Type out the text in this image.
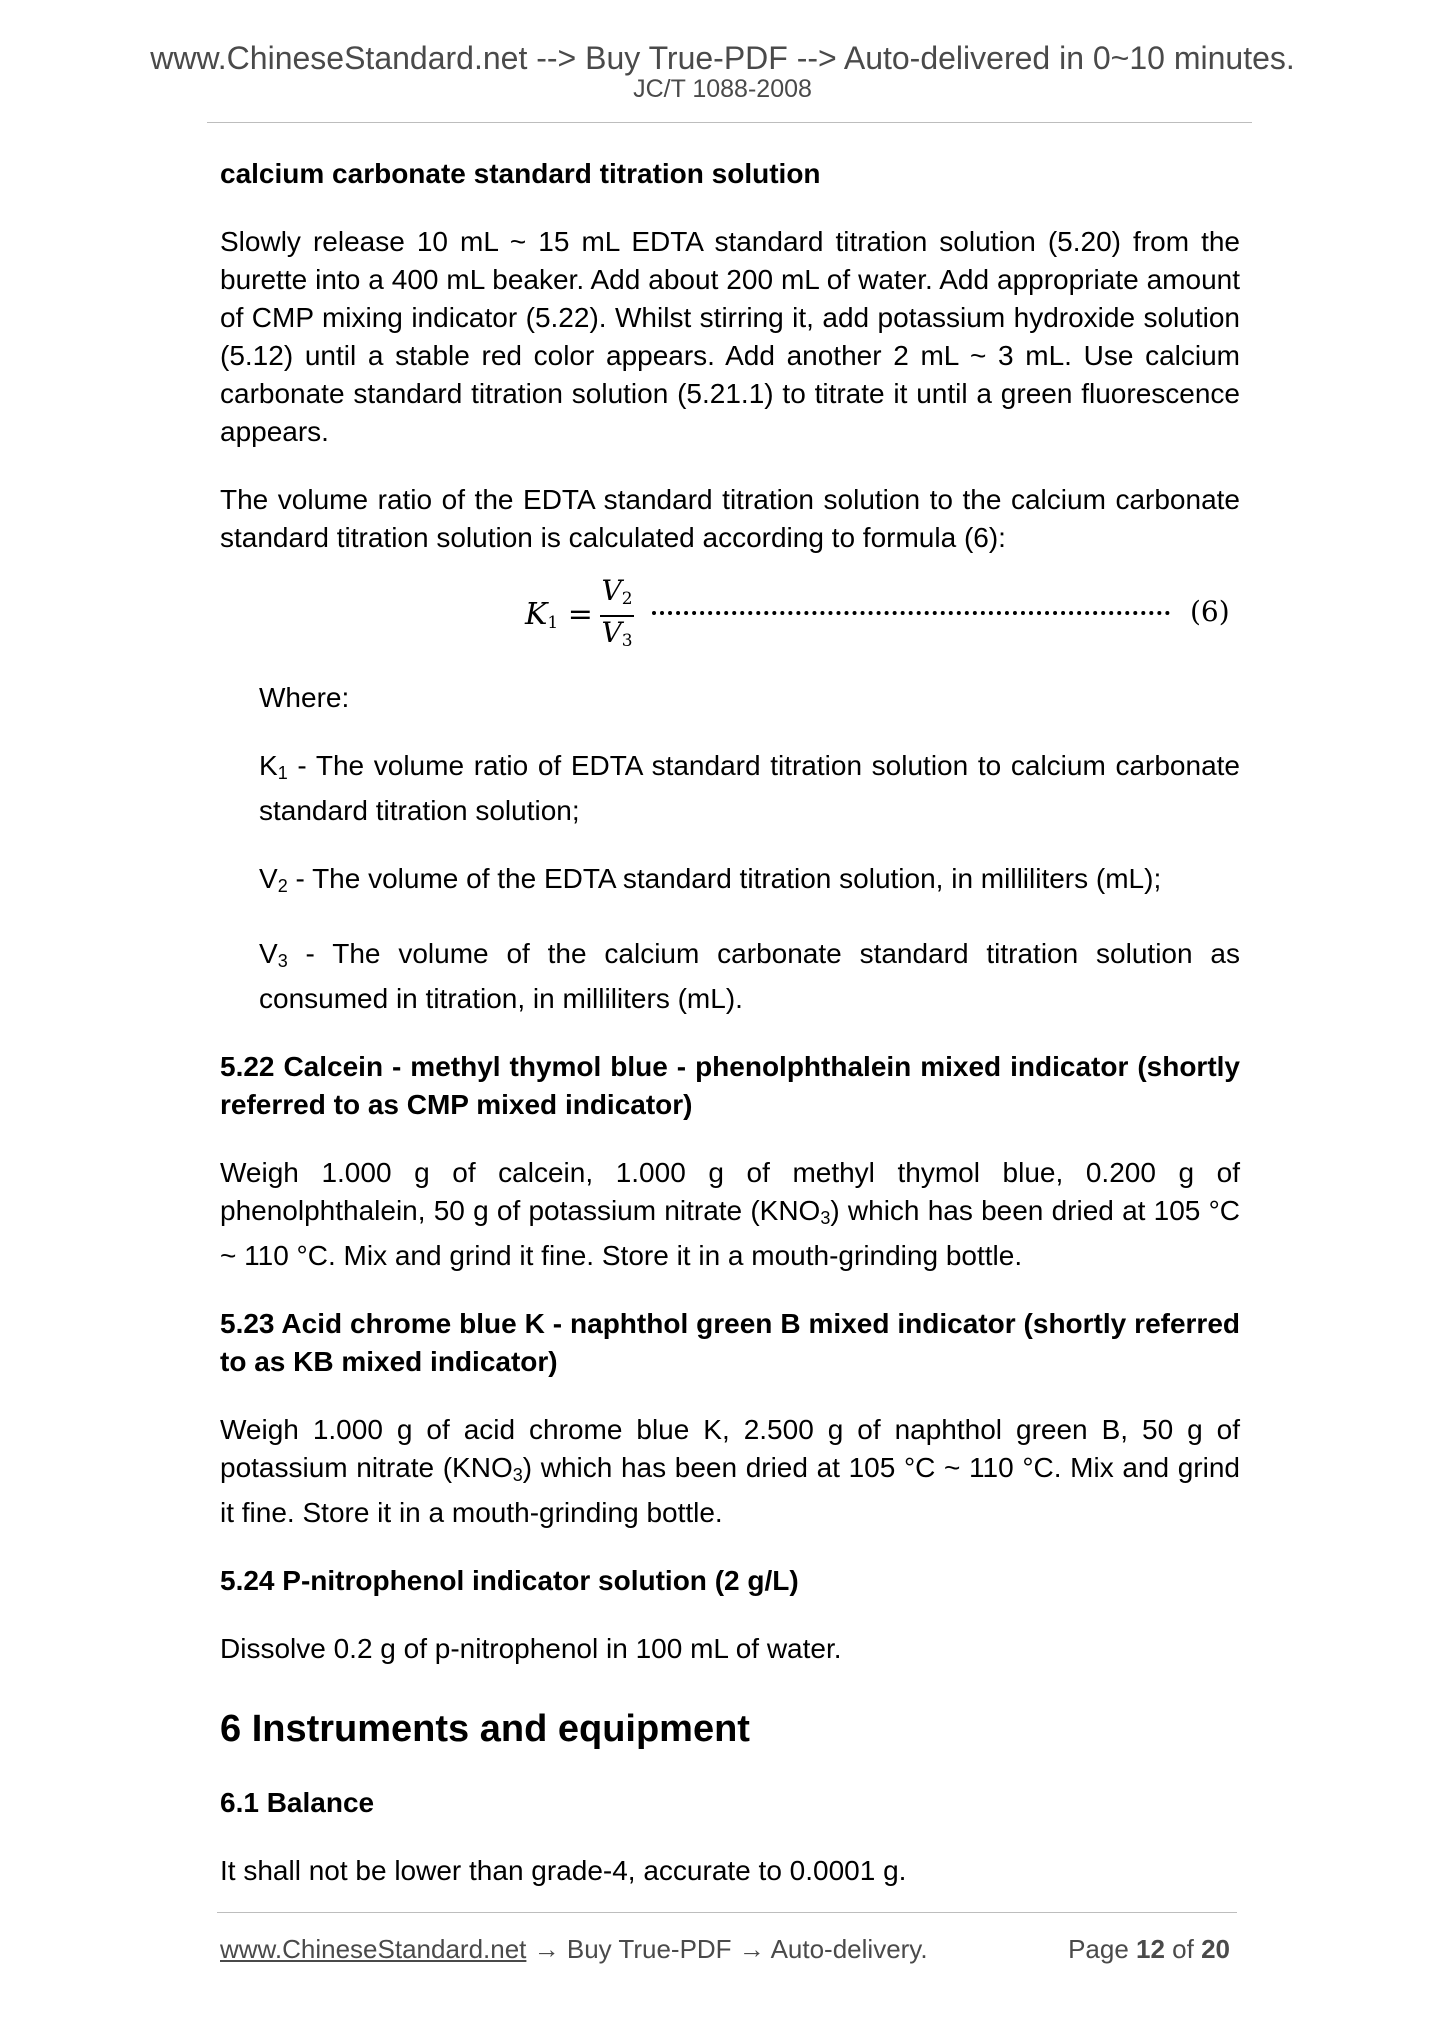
www.ChineseStandard.net --> Buy True-PDF --> Auto-delivered in 0~10 minutes.
JC/T 1088-2008

calcium carbonate standard titration solution

Slowly release 10 mL ~ 15 mL EDTA standard titration solution (5.20) from the burette into a 400 mL beaker. Add about 200 mL of water. Add appropriate amount of CMP mixing indicator (5.22). Whilst stirring it, add potassium hydroxide solution (5.12) until a stable red color appears. Add another 2 mL ~ 3 mL. Use calcium carbonate standard titration solution (5.21.1) to titrate it until a green fluorescence appears.

The volume ratio of the EDTA standard titration solution to the calcium carbonate standard titration solution is calculated according to formula (6):

$K_1 = \frac{V_2}{V_3}$	(6)

Where:

$K_1$ - The volume ratio of EDTA standard titration solution to calcium carbonate standard titration solution;

$V_2$ - The volume of the EDTA standard titration solution, in milliliters (mL);

$V_3$ - The volume of the calcium carbonate standard titration solution as consumed in titration, in milliliters (mL).

5.22 Calcein - methyl thymol blue - phenolphthalein mixed indicator (shortly referred to as CMP mixed indicator)

Weigh 1.000 g of calcein, 1.000 g of methyl thymol blue, 0.200 g of phenolphthalein, 50 g of potassium nitrate $(KNO_3)$ which has been dried at 105 °C ~ 110 °C. Mix and grind it fine. Store it in a mouth-grinding bottle.

5.23 Acid chrome blue K - naphthol green B mixed indicator (shortly referred to as KB mixed indicator)

Weigh 1.000 g of acid chrome blue K, 2.500 g of naphthol green B, 50 g of potassium nitrate $(KNO_3)$ which has been dried at 105 °C ~ 110 °C. Mix and grind it fine. Store it in a mouth-grinding bottle.

5.24 P-nitrophenol indicator solution (2 g/L)

Dissolve 0.2 g of p-nitrophenol in 100 mL of water.

6 Instruments and equipment

6.1 Balance

It shall not be lower than grade-4, accurate to 0.0001 g.

www.ChineseStandard.net → Buy True-PDF → Auto-delivery.	Page 12 of 20
